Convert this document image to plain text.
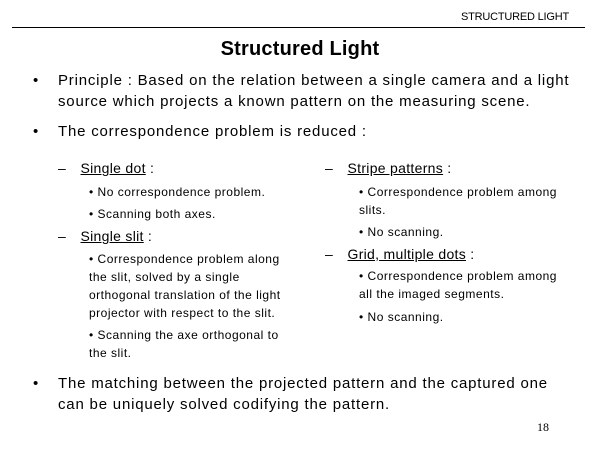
STRUCTURED LIGHT
Structured Light
• Principle : Based on the relation between a single camera and a light
source which projects a known pattern on the measuring scene.
• The correspondence problem is reduced :
– Single dot :
• No correspondence problem.
• Scanning both axes.
– Single slit :
• Correspondence problem along
the slit, solved by a single
orthogonal translation of the light
projector with respect to the slit.
• Scanning the axe orthogonal to
the slit.
– Stripe patterns :
• Correspondence problem among
slits.
• No scanning.
– Grid, multiple dots :
• Correspondence problem among
all the imaged segments.
• No scanning.
• The matching between the projected pattern and the captured one
can be uniquely solved codifying the pattern.
18
